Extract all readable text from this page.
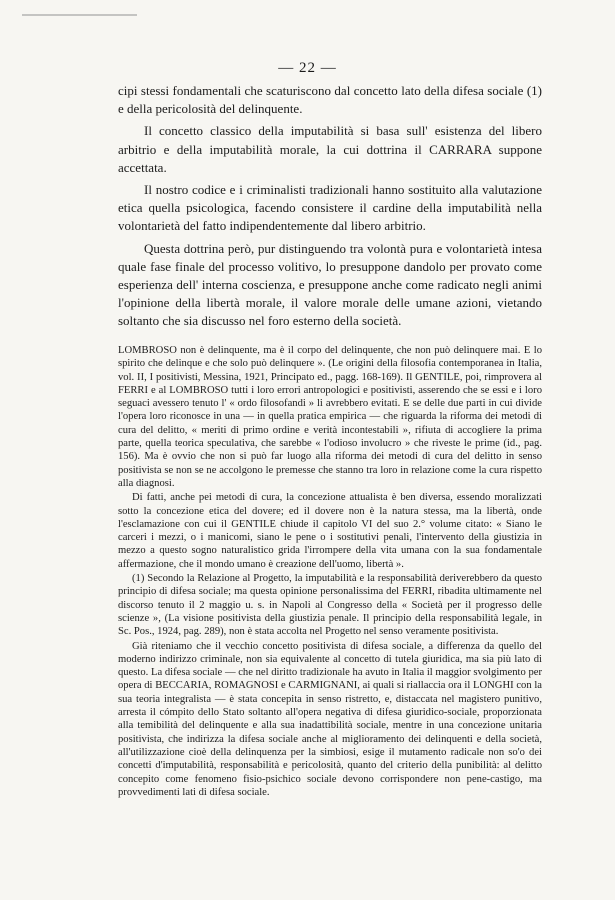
— 22 —

cipi stessi fondamentali che scaturiscono dal concetto lato della difesa sociale (1) e della pericolosità del delinquente.

Il concetto classico della imputabilità si basa sull' esistenza del libero arbitrio e della imputabilità morale, la cui dottrina il CARRARA suppone accettata.

Il nostro codice e i criminalisti tradizionali hanno sostituito alla valutazione etica quella psicologica, facendo consistere il cardine della imputabilità nella volontarietà del fatto indipendentemente dal libero arbitrio.

Questa dottrina però, pur distinguendo tra volontà pura e volontarietà intesa quale fase finale del processo volitivo, lo presuppone dandolo per provato come esperienza dell' interna coscienza, e presuppone anche come radicato negli animi l'opinione della libertà morale, il valore morale delle umane azioni, vietando soltanto che sia discusso nel foro esterno della società.

LOMBROSO non è delinquente, ma è il corpo del delinquente, che non può delinquere mai. E lo spirito che delinque e che solo può delinquere ». (Le origini della filosofia contemporanea in Italia, vol. II, I positivisti, Messina, 1921, Principato ed., pagg. 168-169). Il GENTILE, poi, rimprovera al FERRI e al LOMBROSO tutti i loro errori antropologici e positivisti, asserendo che se essi e i loro seguaci avessero tenuto l' « ordo filosofandi » li avrebbero evitati. E se delle due parti in cui divide l'opera loro riconosce in una — in quella pratica empirica — che riguarda la riforma dei metodi di cura del delitto, « meriti di primo ordine e verità incontestabili », rifiuta di accogliere la prima parte, quella teorica speculativa, che sarebbe « l'odioso involucro » che riveste le prime (id., pag. 156). Ma è ovvio che non si può far luogo alla riforma dei metodi di cura del delitto in senso positivista se non se ne accolgono le premesse che stanno tra loro in relazione come la cura rispetto alla diagnosi.

Di fatti, anche pei metodi di cura, la concezione attualista è ben diversa, essendo moralizzati sotto la concezione etica del dovere; ed il dovere non è la natura stessa, ma la libertà, onde l'esclamazione con cui il GENTILE chiude il capitolo VI del suo 2.° volume citato: « Siano le carceri i mezzi, o i manicomi, siano le pene o i sostitutivi penali, l'intervento della giustizia in mezzo a questo sogno naturalistico grida l'irrompere della vita umana con la sua fondamentale affermazione, che il mondo umano è creazione dell'uomo, libertà ».

(1) Secondo la Relazione al Progetto, la imputabilità e la responsabilità deriverebbero da questo principio di difesa sociale; ma questa opinione personalissima del FERRI, ribadita ultimamente nel discorso tenuto il 2 maggio u. s. in Napoli al Congresso della « Società per il progresso delle scienze », (La visione positivista della giustizia penale. Il principio della responsabilità legale, in Sc. Pos., 1924, pag. 289), non è stata accolta nel Progetto nel senso veramente positivista.

Già riteniamo che il vecchio concetto positivista di difesa sociale, a differenza da quello del moderno indirizzo criminale, non sia equivalente al concetto di tutela giuridica, ma sia più lato di questo. La difesa sociale — che nel diritto tradizionale ha avuto in Italia il maggior svolgimento per opera di BECCARIA, ROMAGNOSI e CARMIGNANI, ai quali si riallaccia ora il LONGHI con la sua teoria integralista — è stata concepita in senso ristretto, e, distaccata nel magistero punitivo, arresta il cómpito dello Stato soltanto all'opera negativa di difesa giuridico-sociale, proporzionata alla temibilità del delinquente e alla sua inadattibilità sociale, mentre in una concezione unitaria positivista, che indirizza la difesa sociale anche al miglioramento dei delinquenti e della società, all'utilizzazione cioè della delinquenza per la simbiosi, esige il mutamento radicale non so'o dei concetti d'imputabilità, responsabilità e pericolosità, quanto del criterio della punibilità: al delitto concepito come fenomeno fisio-psichico sociale devono corrispondere non pene-castigo, ma provvedimenti lati di difesa sociale.
